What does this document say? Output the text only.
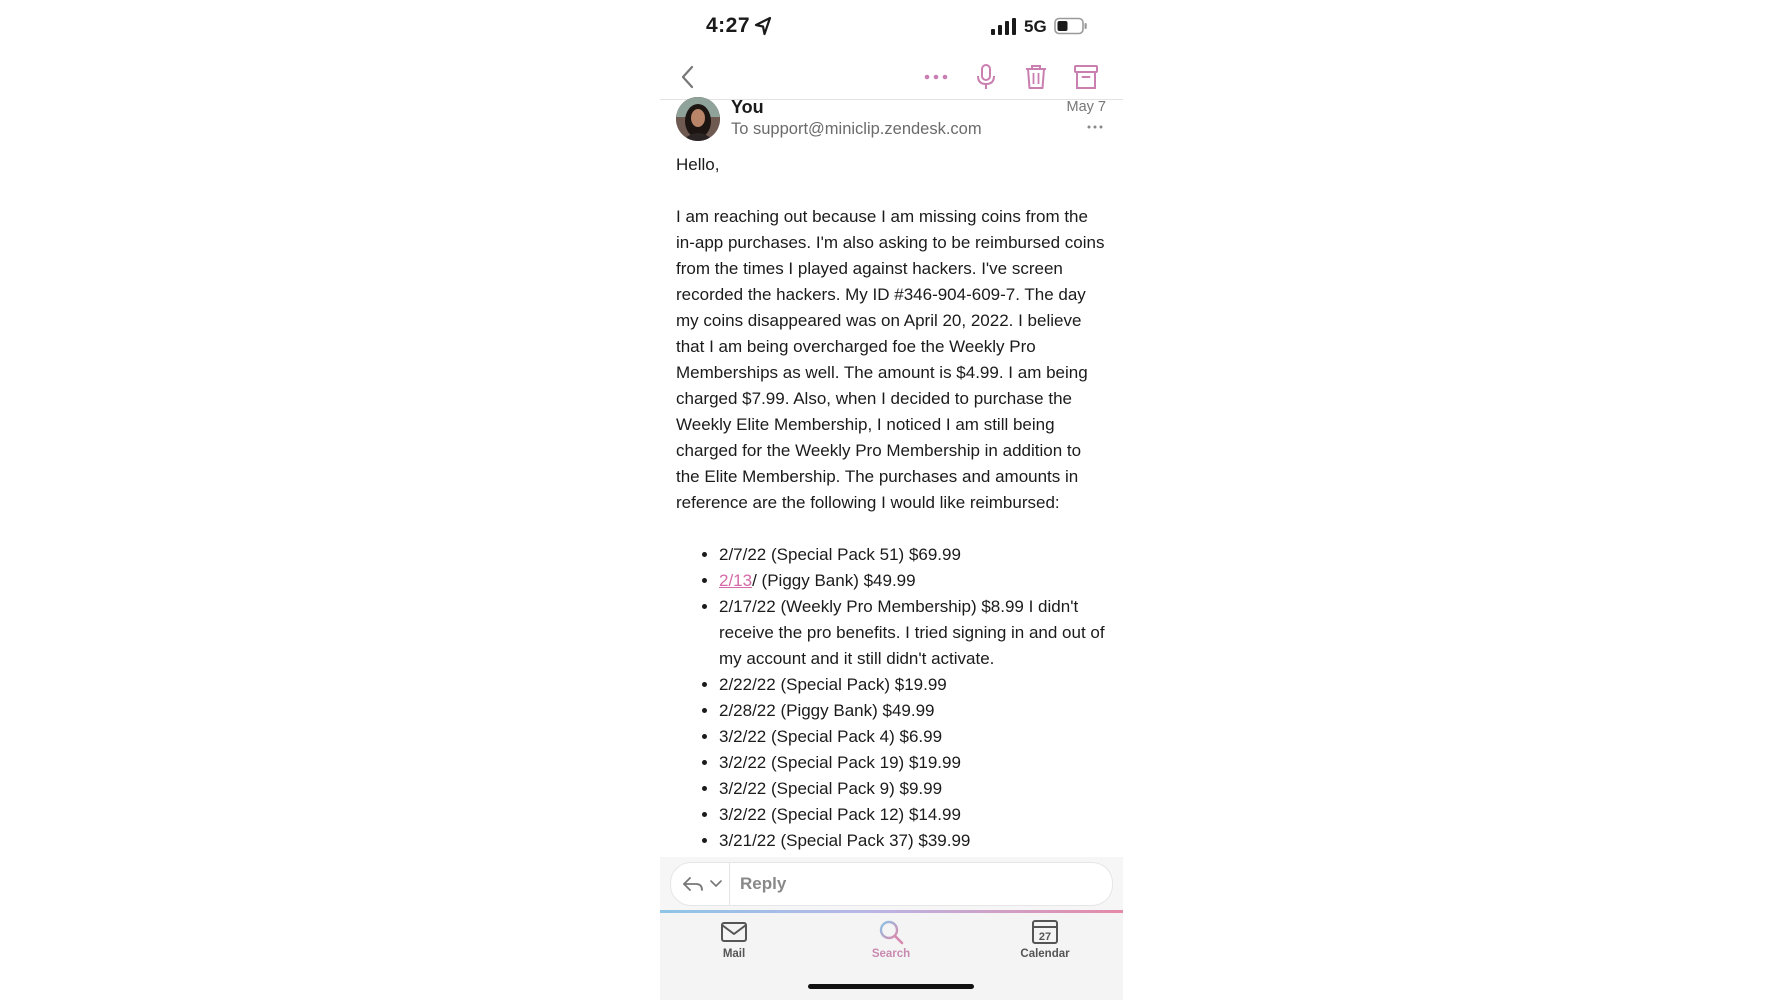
4:27	5G
You
To support@miniclip.zendesk.com
May 7

Hello,

I am reaching out because I am missing coins from the in-app purchases. I'm also asking to be reimbursed coins from the times I played against hackers. I've screen recorded the hackers. My ID #346-904-609-7. The day my coins disappeared was on April 20, 2022. I believe that I am being overcharged foe the Weekly Pro Memberships as well. The amount is $4.99. I am being charged $7.99. Also, when I decided to purchase the Weekly Elite Membership, I noticed I am still being charged for the Weekly Pro Membership in addition to the Elite Membership. The purchases and amounts in reference are the following I would like reimbursed:

• 2/7/22 (Special Pack 51) $69.99
• 2/13/ (Piggy Bank) $49.99
• 2/17/22 (Weekly Pro Membership) $8.99 I didn't receive the pro benefits. I tried signing in and out of my account and it still didn't activate.
• 2/22/22 (Special Pack) $19.99
• 2/28/22 (Piggy Bank) $49.99
• 3/2/22 (Special Pack 4) $6.99
• 3/2/22 (Special Pack 19) $19.99
• 3/2/22 (Special Pack 9) $9.99
• 3/2/22 (Special Pack 12) $14.99
• 3/21/22 (Special Pack 37) $39.99
Reply
Mail	Search
27
Calendar
